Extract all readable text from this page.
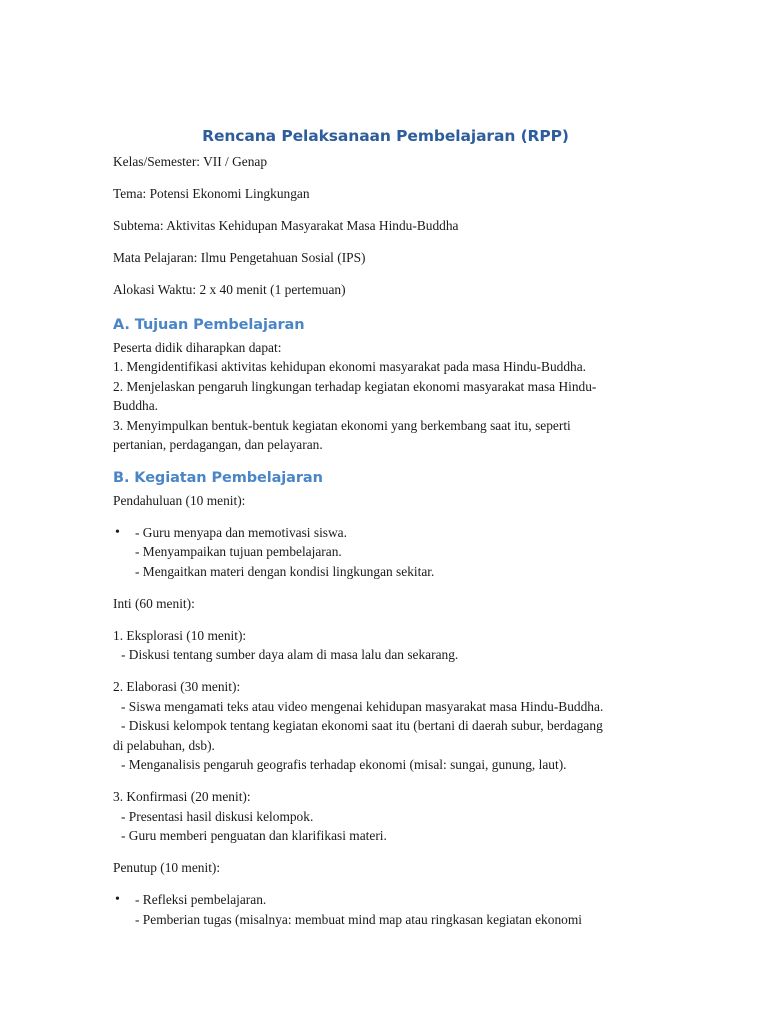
Rencana Pelaksanaan Pembelajaran (RPP)

Kelas/Semester: VII / Genap

Tema: Potensi Ekonomi Lingkungan

Subtema: Aktivitas Kehidupan Masyarakat Masa Hindu-Buddha

Mata Pelajaran: Ilmu Pengetahuan Sosial (IPS)

Alokasi Waktu: 2 x 40 menit (1 pertemuan)

A. Tujuan Pembelajaran

Peserta didik diharapkan dapat:

1. Mengidentifikasi aktivitas kehidupan ekonomi masyarakat pada masa Hindu-Buddha.

2. Menjelaskan pengaruh lingkungan terhadap kegiatan ekonomi masyarakat masa Hindu-

Buddha.

3. Menyimpulkan bentuk-bentuk kegiatan ekonomi yang berkembang saat itu, seperti

pertanian, perdagangan, dan pelayaran.

B. Kegiatan Pembelajaran

Pendahuluan (10 menit):

• - Guru menyapa dan memotivasi siswa.

- Menyampaikan tujuan pembelajaran.

- Mengaitkan materi dengan kondisi lingkungan sekitar.

Inti (60 menit):

1. Eksplorasi (10 menit):

- Diskusi tentang sumber daya alam di masa lalu dan sekarang.

2. Elaborasi (30 menit):

- Siswa mengamati teks atau video mengenai kehidupan masyarakat masa Hindu-Buddha.

- Diskusi kelompok tentang kegiatan ekonomi saat itu (bertani di daerah subur, berdagang

di pelabuhan, dsb).

- Menganalisis pengaruh geografis terhadap ekonomi (misal: sungai, gunung, laut).

3. Konfirmasi (20 menit):

- Presentasi hasil diskusi kelompok.

- Guru memberi penguatan dan klarifikasi materi.

Penutup (10 menit):

• - Refleksi pembelajaran.

- Pemberian tugas (misalnya: membuat mind map atau ringkasan kegiatan ekonomi
